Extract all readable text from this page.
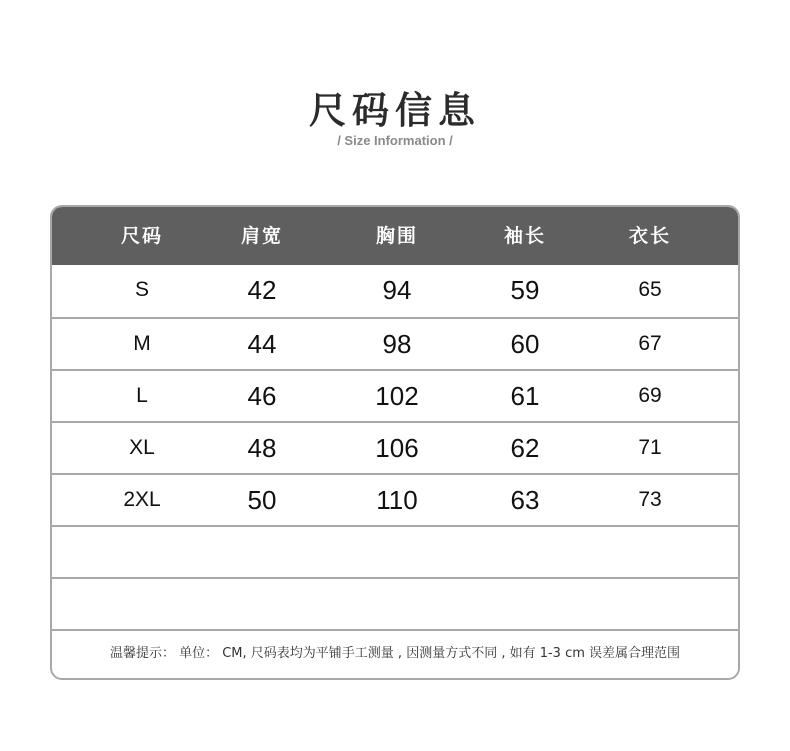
尺码信息
/ Size Information /
尺码	肩宽	胸围	袖长	衣长
S	42	94	59	65
M	44	98	60	67
L	46	102	61	69
XL	48	106	62	71
2XL	50	110	63	73
温馨提示： 单位： CM, 尺码表均为平铺手工测量 , 因测量方式不同 , 如有 1-3 cm 误差属合理范围
